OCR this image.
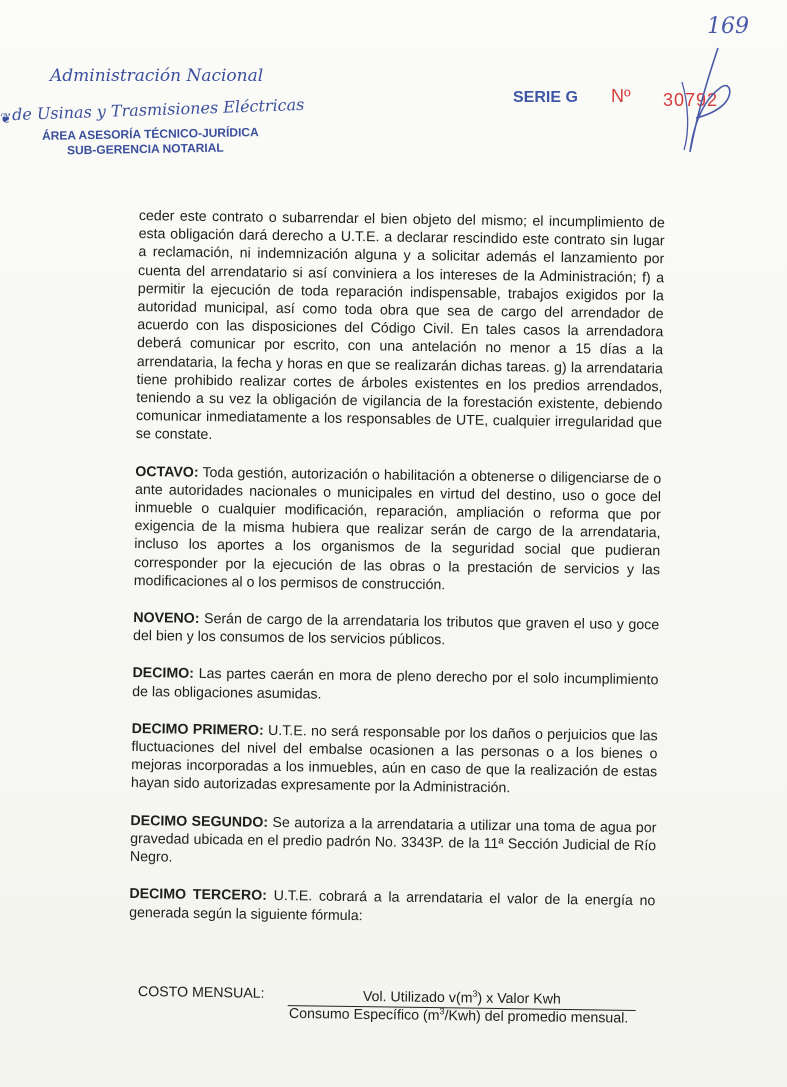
Administración Nacional
❦ de Usinas y Trasmisiones Eléctricas
ÁREA ASESORÍA TÉCNICO-JURÍDICA
SUB-GERENCIA NOTARIAL
SERIE G Nº 30792
169

ceder este contrato o subarrendar el bien objeto del mismo; el incumplimiento de esta obligación dará derecho a U.T.E. a declarar rescindido este contrato sin lugar a reclamación, ni indemnización alguna y a solicitar además el lanzamiento por cuenta del arrendatario si así conviniera a los intereses de la Administración; f) a permitir la ejecución de toda reparación indispensable, trabajos exigidos por la autoridad municipal, así como toda obra que sea de cargo del arrendador de acuerdo con las disposiciones del Código Civil. En tales casos la arrendadora deberá comunicar por escrito, con una antelación no menor a 15 días a la arrendataria, la fecha y horas en que se realizarán dichas tareas. g) la arrendataria tiene prohibido realizar cortes de árboles existentes en los predios arrendados, teniendo a su vez la obligación de vigilancia de la forestación existente, debiendo comunicar inmediatamente a los responsables de UTE, cualquier irregularidad que se constate.

OCTAVO: Toda gestión, autorización o habilitación a obtenerse o diligenciarse de o ante autoridades nacionales o municipales en virtud del destino, uso o goce del inmueble o cualquier modificación, reparación, ampliación o reforma que por exigencia de la misma hubiera que realizar serán de cargo de la arrendataria, incluso los aportes a los organismos de la seguridad social que pudieran corresponder por la ejecución de las obras o la prestación de servicios y las modificaciones al o los permisos de construcción.

NOVENO: Serán de cargo de la arrendataria los tributos que graven el uso y goce del bien y los consumos de los servicios públicos.

DECIMO: Las partes caerán en mora de pleno derecho por el solo incumplimiento de las obligaciones asumidas.

DECIMO PRIMERO: U.T.E. no será responsable por los daños o perjuicios que las fluctuaciones del nivel del embalse ocasionen a las personas o a los bienes o mejoras incorporadas a los inmuebles, aún en caso de que la realización de estas hayan sido autorizadas expresamente por la Administración.

DECIMO SEGUNDO: Se autoriza a la arrendataria a utilizar una toma de agua por gravedad ubicada en el predio padrón No. 3343P. de la 11ª Sección Judicial de Río Negro.

DECIMO TERCERO: U.T.E. cobrará a la arrendataria el valor de la energía no generada según la siguiente fórmula:

COSTO MENSUAL:	Vol. Utilizado $v(m^3)$ x Valor Kwh
Consumo Específico $(m^3/Kwh)$ del promedio mensual.
